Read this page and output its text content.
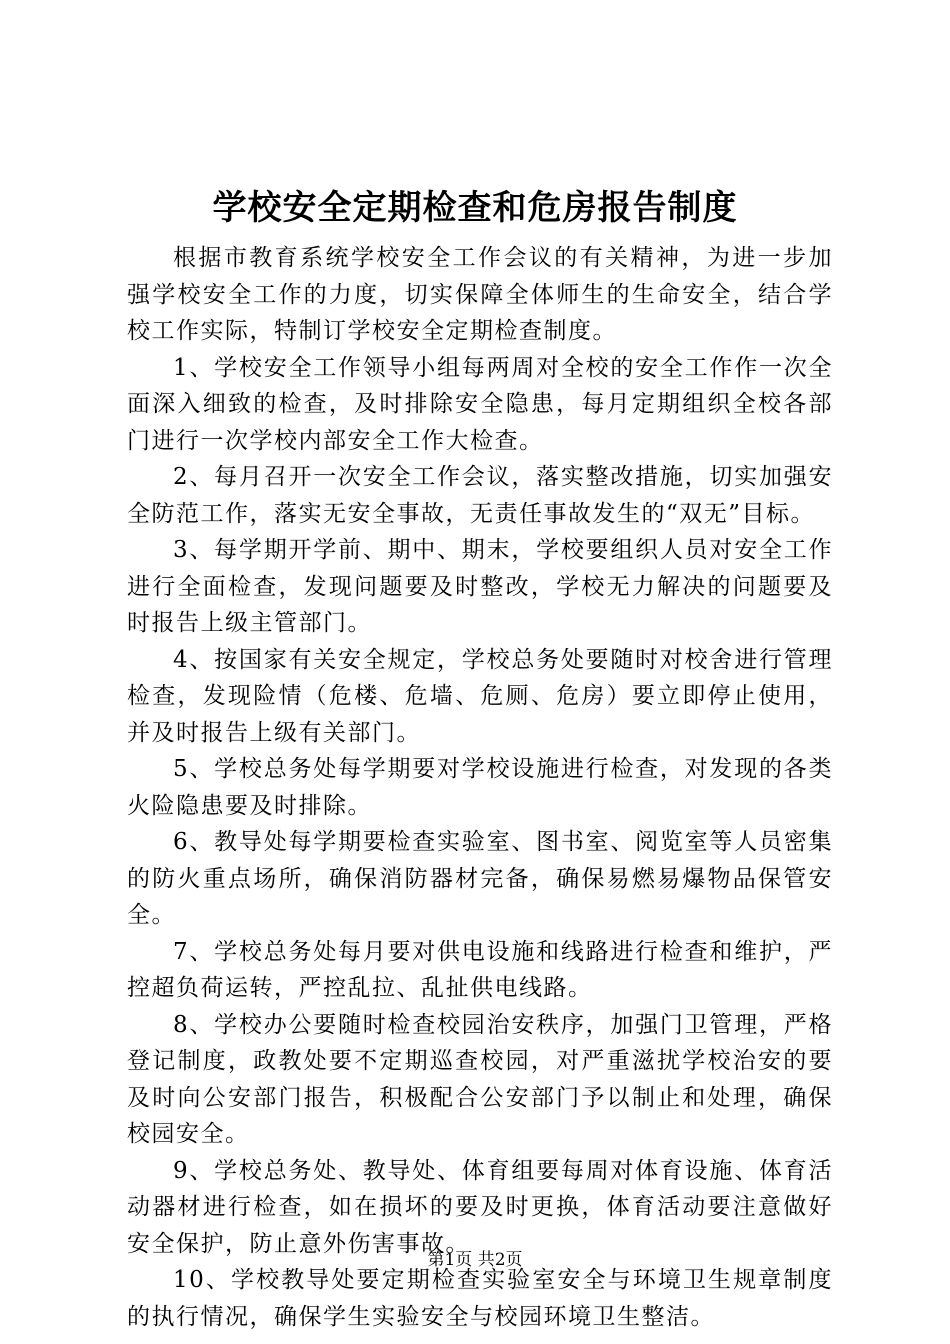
学校安全定期检查和危房报告制度

根据市教育系统学校安全工作会议的有关精神，为进一步加强学校安全工作的力度，切实保障全体师生的生命安全，结合学校工作实际，特制订学校安全定期检查制度。

1、学校安全工作领导小组每两周对全校的安全工作作一次全面深入细致的检查，及时排除安全隐患，每月定期组织全校各部门进行一次学校内部安全工作大检查。

2、每月召开一次安全工作会议，落实整改措施，切实加强安全防范工作，落实无安全事故，无责任事故发生的“双无”目标。

3、每学期开学前、期中、期末，学校要组织人员对安全工作进行全面检查，发现问题要及时整改，学校无力解决的问题要及时报告上级主管部门。

4、按国家有关安全规定，学校总务处要随时对校舍进行管理检查，发现险情（危楼、危墙、危厕、危房）要立即停止使用，并及时报告上级有关部门。

5、学校总务处每学期要对学校设施进行检查，对发现的各类火险隐患要及时排除。

6、教导处每学期要检查实验室、图书室、阅览室等人员密集的防火重点场所，确保消防器材完备，确保易燃易爆物品保管安全。

7、学校总务处每月要对供电设施和线路进行检查和维护，严控超负荷运转，严控乱拉、乱扯供电线路。

8、学校办公要随时检查校园治安秩序，加强门卫管理，严格登记制度，政教处要不定期巡查校园，对严重滋扰学校治安的要及时向公安部门报告，积极配合公安部门予以制止和处理，确保校园安全。

9、学校总务处、教导处、体育组要每周对体育设施、体育活动器材进行检查，如在损坏的要及时更换，体育活动要注意做好安全保护，防止意外伤害事故。

10、学校教导处要定期检查实验室安全与环境卫生规章制度的执行情况，确保学生实验安全与校园环境卫生整洁。

第1页 共2页
